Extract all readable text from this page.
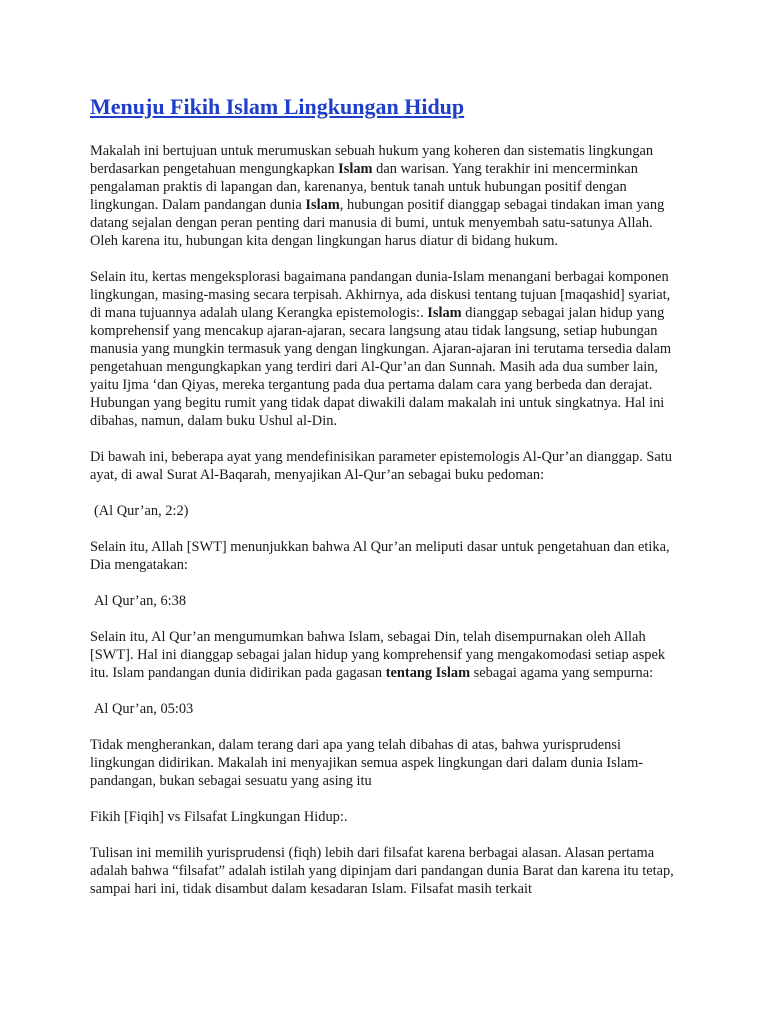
Menuju Fikih Islam Lingkungan Hidup

Makalah ini bertujuan untuk merumuskan sebuah hukum yang koheren dan sistematis lingkungan berdasarkan pengetahuan mengungkapkan Islam dan warisan. Yang terakhir ini mencerminkan pengalaman praktis di lapangan dan, karenanya, bentuk tanah untuk hubungan positif dengan lingkungan. Dalam pandangan dunia Islam, hubungan positif dianggap sebagai tindakan iman yang datang sejalan dengan peran penting dari manusia di bumi, untuk menyembah satu-satunya Allah. Oleh karena itu, hubungan kita dengan lingkungan harus diatur di bidang hukum.

Selain itu, kertas mengeksplorasi bagaimana pandangan dunia-Islam menangani berbagai komponen lingkungan, masing-masing secara terpisah. Akhirnya, ada diskusi tentang tujuan [maqashid] syariat, di mana tujuannya adalah ulang Kerangka epistemologis:. Islam dianggap sebagai jalan hidup yang komprehensif yang mencakup ajaran-ajaran, secara langsung atau tidak langsung, setiap hubungan manusia yang mungkin termasuk yang dengan lingkungan. Ajaran-ajaran ini terutama tersedia dalam pengetahuan mengungkapkan yang terdiri dari Al-Qur’an dan Sunnah. Masih ada dua sumber lain, yaitu Ijma ‘dan Qiyas, mereka tergantung pada dua pertama dalam cara yang berbeda dan derajat. Hubungan yang begitu rumit yang tidak dapat diwakili dalam makalah ini untuk singkatnya. Hal ini dibahas, namun, dalam buku Ushul al-Din.

Di bawah ini, beberapa ayat yang mendefinisikan parameter epistemologis Al-Qur’an dianggap. Satu ayat, di awal Surat Al-Baqarah, menyajikan Al-Qur’an sebagai buku pedoman:

(Al Qur’an, 2:2)

Selain itu, Allah [SWT] menunjukkan bahwa Al Qur’an meliputi dasar untuk pengetahuan dan etika, Dia mengatakan:

Al Qur’an, 6:38

Selain itu, Al Qur’an mengumumkan bahwa Islam, sebagai Din, telah disempurnakan oleh Allah [SWT]. Hal ini dianggap sebagai jalan hidup yang komprehensif yang mengakomodasi setiap aspek itu. Islam pandangan dunia didirikan pada gagasan tentang Islam sebagai agama yang sempurna:

Al Qur’an, 05:03

Tidak mengherankan, dalam terang dari apa yang telah dibahas di atas, bahwa yurisprudensi lingkungan didirikan. Makalah ini menyajikan semua aspek lingkungan dari dalam dunia Islam-pandangan, bukan sebagai sesuatu yang asing itu

Fikih [Fiqih] vs Filsafat Lingkungan Hidup:.

Tulisan ini memilih yurisprudensi (fiqh) lebih dari filsafat karena berbagai alasan. Alasan pertama adalah bahwa “filsafat” adalah istilah yang dipinjam dari pandangan dunia Barat dan karena itu tetap, sampai hari ini, tidak disambut dalam kesadaran Islam. Filsafat masih terkait
